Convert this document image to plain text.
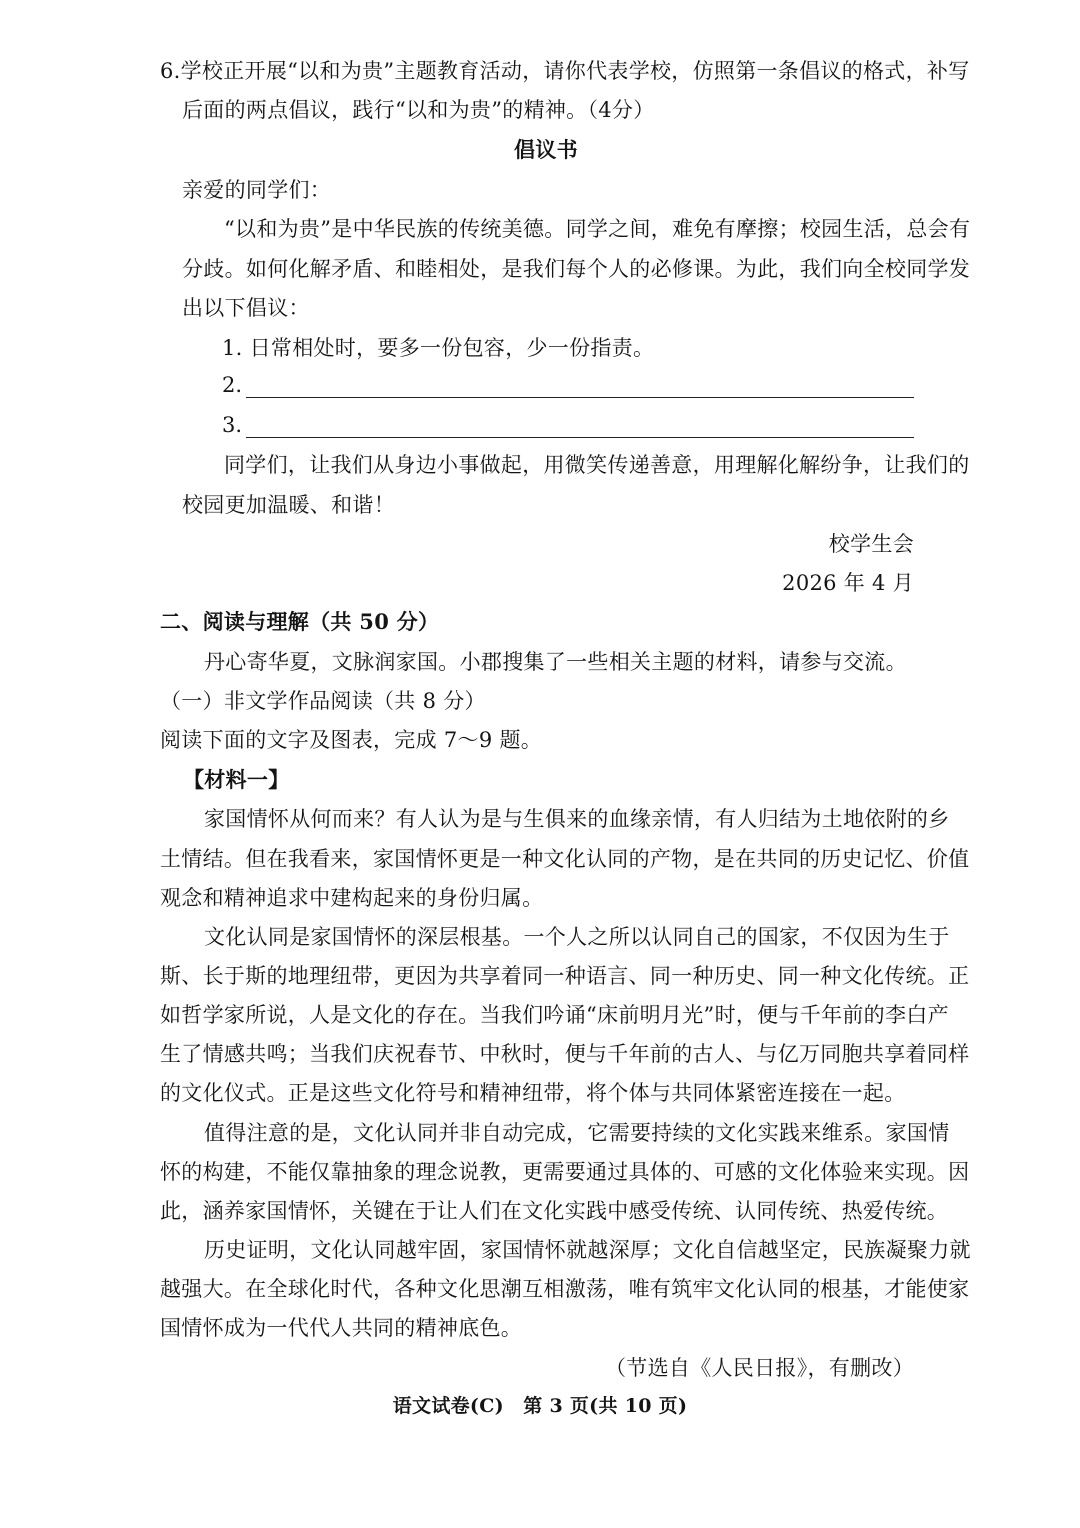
6.学校正开展“以和为贵”主题教育活动，请你代表学校，仿照第一条倡议的格式，补写

后面的两点倡议，践行“以和为贵”的精神。（4分）

倡议书

亲爱的同学们：

“以和为贵”是中华民族的传统美德。同学之间，难免有摩擦；校园生活，总会有

分歧。如何化解矛盾、和睦相处，是我们每个人的必修课。为此，我们向全校同学发

出以下倡议：

1. 日常相处时，要多一份包容，少一份指责。

2.
3.

同学们，让我们从身边小事做起，用微笑传递善意，用理解化解纷争，让我们的

校园更加温暖、和谐！

校学生会

2026 年 4 月

二、阅读与理解（共 50 分）

丹心寄华夏，文脉润家国。小郡搜集了一些相关主题的材料，请参与交流。

（一）非文学作品阅读（共 8 分）

阅读下面的文字及图表，完成 7～9 题。

【材料一】

家国情怀从何而来？有人认为是与生俱来的血缘亲情，有人归结为土地依附的乡

土情结。但在我看来，家国情怀更是一种文化认同的产物，是在共同的历史记忆、价值

观念和精神追求中建构起来的身份归属。

文化认同是家国情怀的深层根基。一个人之所以认同自己的国家，不仅因为生于

斯、长于斯的地理纽带，更因为共享着同一种语言、同一种历史、同一种文化传统。正

如哲学家所说，人是文化的存在。当我们吟诵“床前明月光”时，便与千年前的李白产

生了情感共鸣；当我们庆祝春节、中秋时，便与千年前的古人、与亿万同胞共享着同样

的文化仪式。正是这些文化符号和精神纽带，将个体与共同体紧密连接在一起。

值得注意的是，文化认同并非自动完成，它需要持续的文化实践来维系。家国情

怀的构建，不能仅靠抽象的理念说教，更需要通过具体的、可感的文化体验来实现。因

此，涵养家国情怀，关键在于让人们在文化实践中感受传统、认同传统、热爱传统。

历史证明，文化认同越牢固，家国情怀就越深厚；文化自信越坚定，民族凝聚力就

越强大。在全球化时代，各种文化思潮互相激荡，唯有筑牢文化认同的根基，才能使家

国情怀成为一代代人共同的精神底色。

（节选自《人民日报》，有删改）

语文试卷(C)　第 3 页(共 10 页)
